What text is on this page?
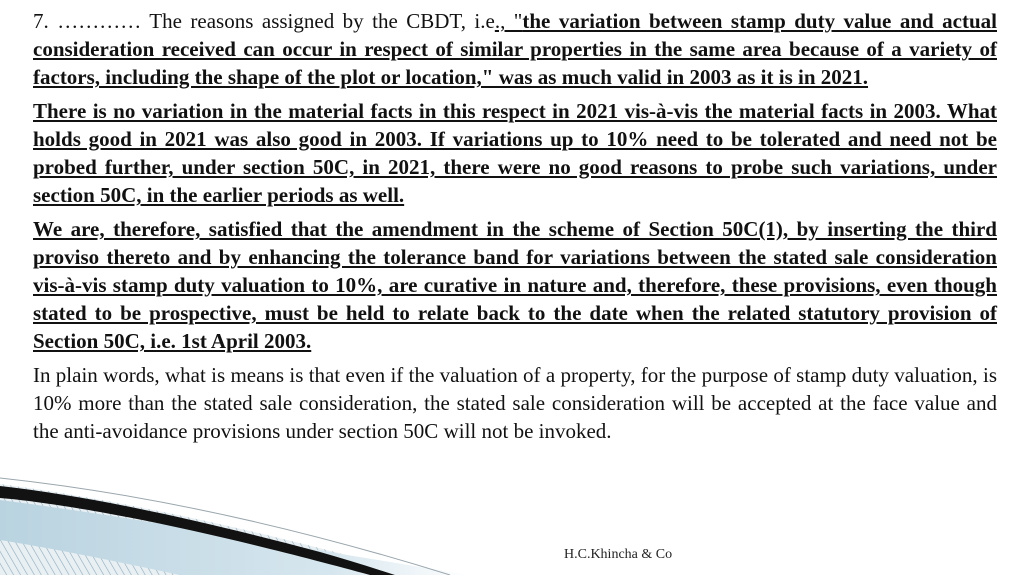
7. ………… The reasons assigned by the CBDT, i.e., "the variation between stamp duty value and actual consideration received can occur in respect of similar properties in the same area because of a variety of factors, including the shape of the plot or location," was as much valid in 2003 as it is in 2021.

There is no variation in the material facts in this respect in 2021 vis-à-vis the material facts in 2003. What holds good in 2021 was also good in 2003. If variations up to 10% need to be tolerated and need not be probed further, under section 50C, in 2021, there were no good reasons to probe such variations, under section 50C, in the earlier periods as well.

We are, therefore, satisfied that the amendment in the scheme of Section 50C(1), by inserting the third proviso thereto and by enhancing the tolerance band for variations between the stated sale consideration vis-à-vis stamp duty valuation to 10%, are curative in nature and, therefore, these provisions, even though stated to be prospective, must be held to relate back to the date when the related statutory provision of Section 50C, i.e. 1st April 2003.

In plain words, what is means is that even if the valuation of a property, for the purpose of stamp duty valuation, is 10% more than the stated sale consideration, the stated sale consideration will be accepted at the face value and the anti-avoidance provisions under section 50C will not be invoked.

H.C.Khincha & Co
